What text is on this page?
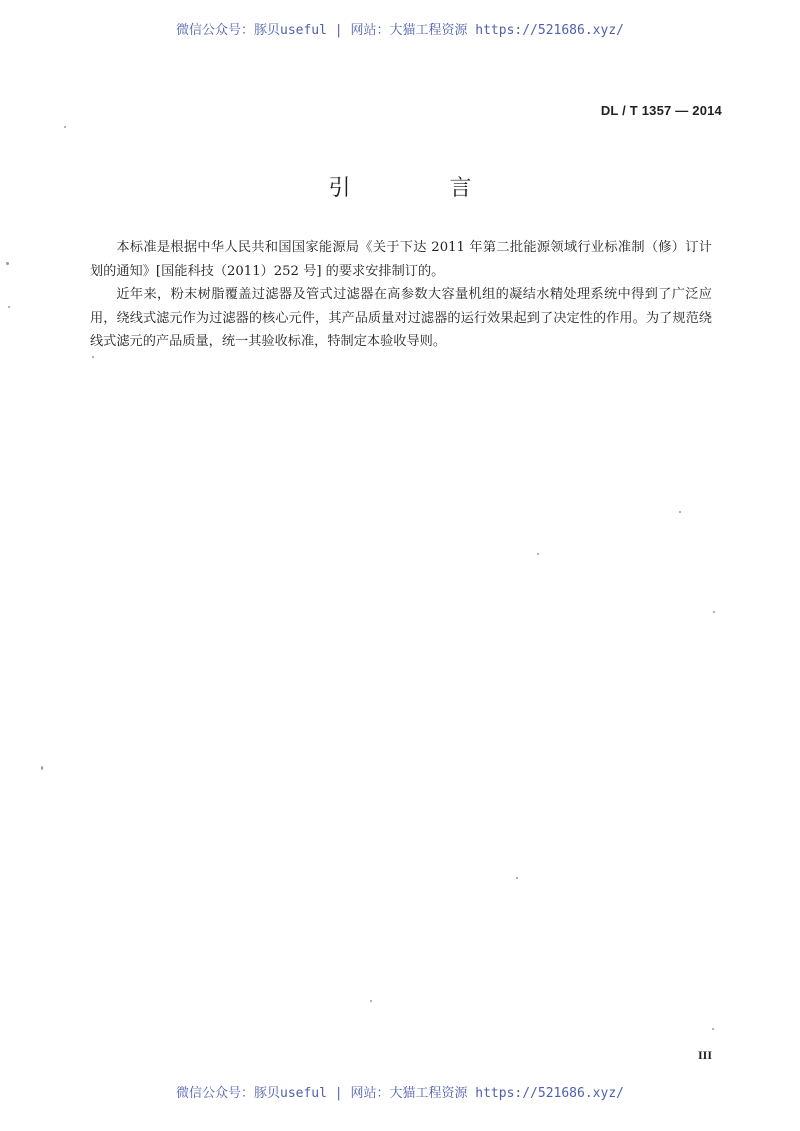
微信公众号：豚贝useful | 网站：大猫工程资源 https://521686.xyz/
DL / T 1357 — 2014
引 言

本标准是根据中华人民共和国国家能源局《关于下达 2011 年第二批能源领域行业标准制（修）订计划的通知》[国能科技（2011）252 号] 的要求安排制订的。

近年来，粉末树脂覆盖过滤器及管式过滤器在高参数大容量机组的凝结水精处理系统中得到了广泛应用，绕线式滤元作为过滤器的核心元件，其产品质量对过滤器的运行效果起到了决定性的作用。为了规范绕线式滤元的产品质量，统一其验收标准，特制定本验收导则。

III
微信公众号：豚贝useful | 网站：大猫工程资源 https://521686.xyz/
